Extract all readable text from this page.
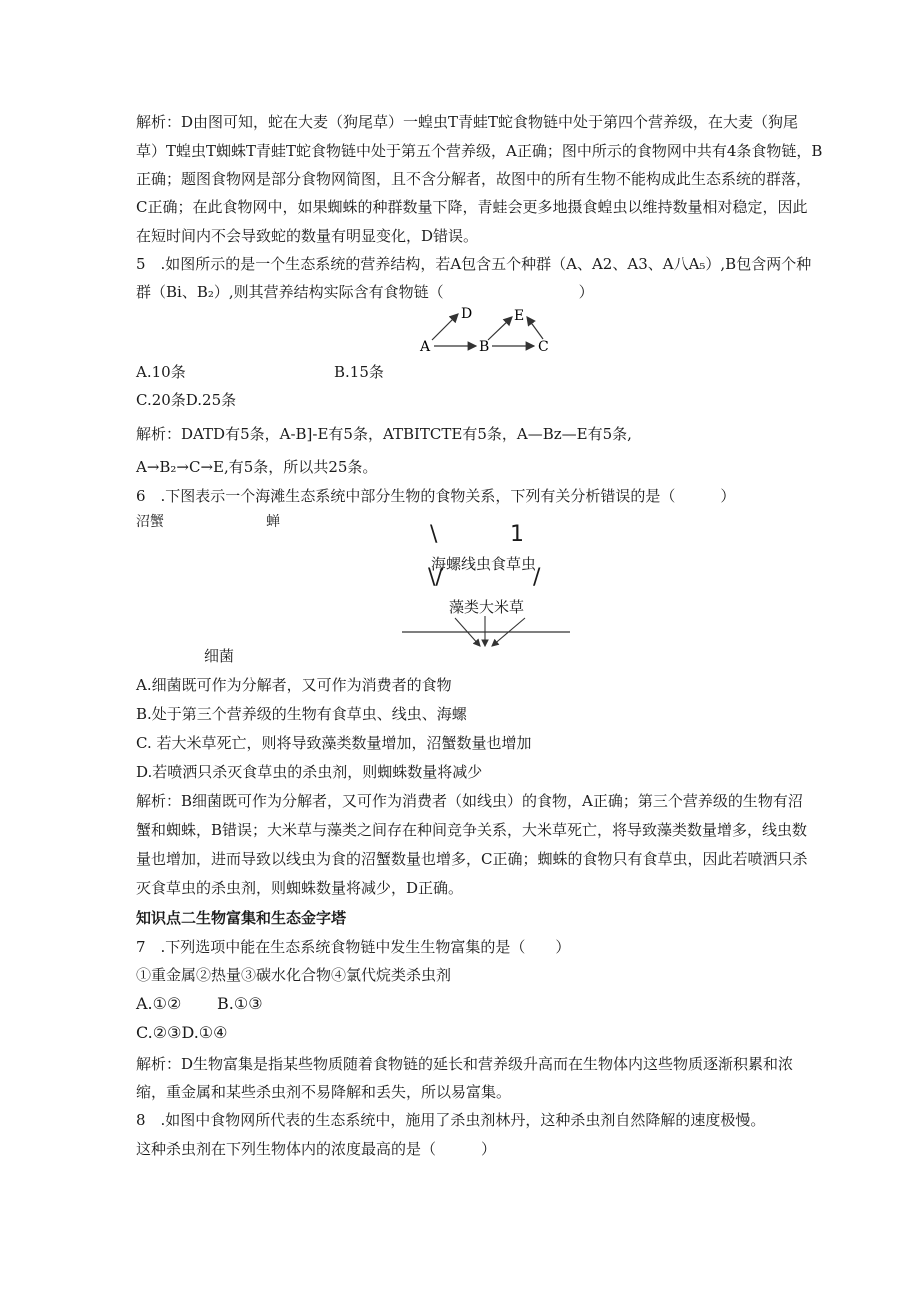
解析：D由图可知，蛇在大麦（狗尾草）一蝗虫T青蛙T蛇食物链中处于第四个营养级，在大麦（狗尾
草）T蝗虫T蜘蛛T青蛙T蛇食物链中处于第五个营养级，A正确；图中所示的食物网中共有4条食物链，B
正确；题图食物网是部分食物网简图，且不含分解者，故图中的所有生物不能构成此生态系统的群落，
C正确；在此食物网中，如果蜘蛛的种群数量下降，青蛙会更多地摄食蝗虫以维持数量相对稳定，因此
在短时间内不会导致蛇的数量有明显变化，D错误。
5　.如图所示的是一个生态系统的营养结构，若A包含五个种群（A、A2、A3、A八A₅）,B包含两个种
群（Bi、B₂）,则其营养结构实际含有食物链（　　　　　　　　　）
A
D
B
E
C
A.10条	B.15条
C.20条D.25条
解析：DATD有5条，A-B]-E有5条，ATBITCTE有5条，A—Bz—E有5条,
A→B₂→C→E,有5条，所以共25条。
6　.下图表示一个海滩生态系统中部分生物的食物关系，下列有关分析错误的是（　　　）
沼蟹	蝉	\	1
海螺线虫食草虫
\/	/
藻类大米草
细菌
A.细菌既可作为分解者，又可作为消费者的食物
B.处于第三个营养级的生物有食草虫、线虫、海螺
C. 若大米草死亡，则将导致藻类数量增加，沼蟹数量也增加
D.若喷洒只杀灭食草虫的杀虫剂，则蜘蛛数量将减少
解析：B细菌既可作为分解者，又可作为消费者（如线虫）的食物，A正确；第三个营养级的生物有沼
蟹和蜘蛛，B错误；大米草与藻类之间存在种间竞争关系，大米草死亡，将导致藻类数量增多，线虫数
量也增加，进而导致以线虫为食的沼蟹数量也增多，C正确；蜘蛛的食物只有食草虫，因此若喷洒只杀
灭食草虫的杀虫剂，则蜘蛛数量将减少，D正确。
知识点二生物富集和生态金字塔
7　.下列选项中能在生态系统食物链中发生生物富集的是（　　）
①重金属②热量③碳水化合物④氯代烷类杀虫剂
A.①② B.①③
C.②③D.①④
解析：D生物富集是指某些物质随着食物链的延长和营养级升高而在生物体内这些物质逐渐积累和浓
缩，重金属和某些杀虫剂不易降解和丢失，所以易富集。
8　.如图中食物网所代表的生态系统中，施用了杀虫剂林丹，这种杀虫剂自然降解的速度极慢。
这种杀虫剂在下列生物体内的浓度最高的是（　　　）
